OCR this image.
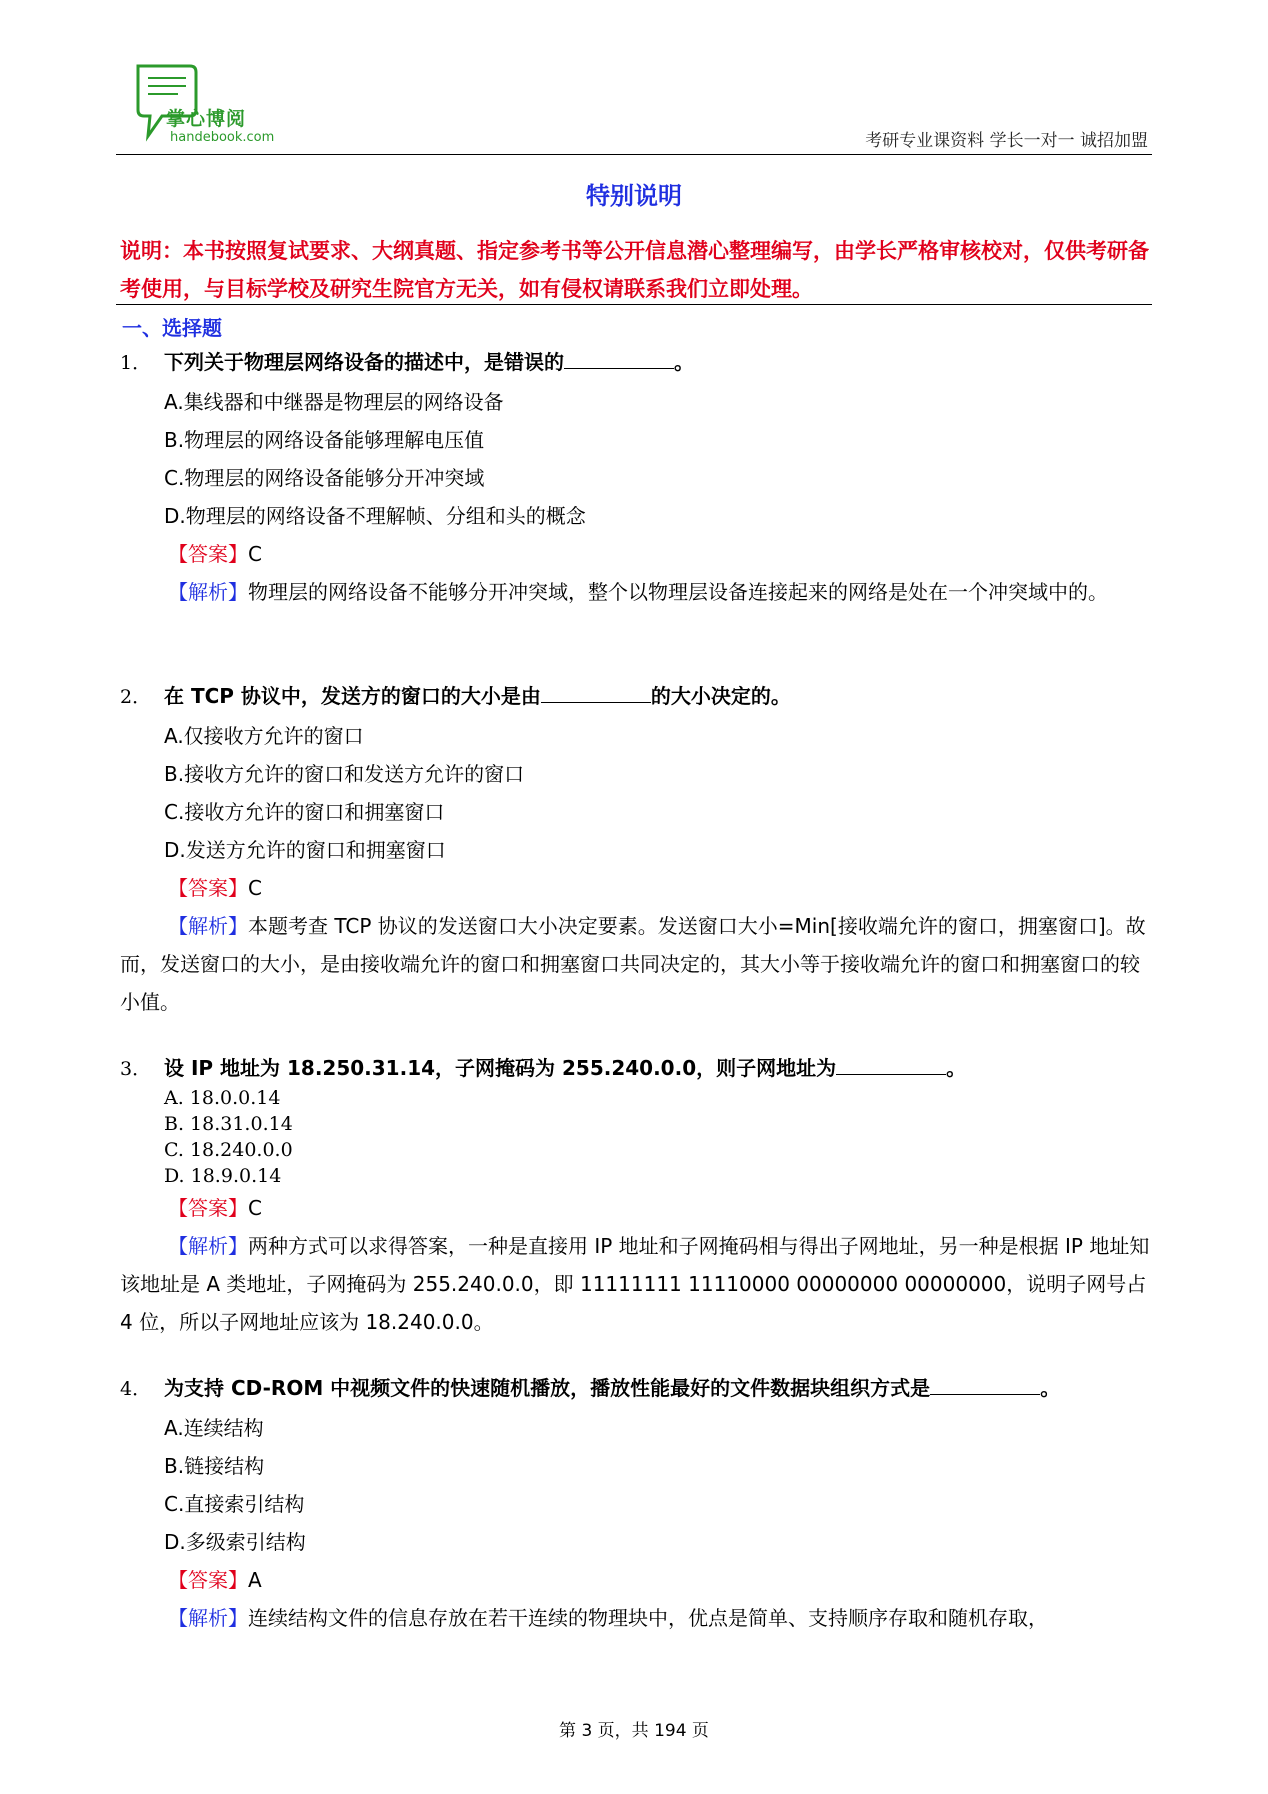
掌心博阅
handebook.com	考研专业课资料 学长一对一 诚招加盟
特别说明
说明：本书按照复试要求、大纲真题、指定参考书等公开信息潜心整理编写，由学长严格审核校对，仅供考研备考使用，与目标学校及研究生院官方无关，如有侵权请联系我们立即处理。
一、选择题
1． 下列关于物理层网络设备的描述中，是错误的	。
A.集线器和中继器是物理层的网络设备
B.物理层的网络设备能够理解电压值
C.物理层的网络设备能够分开冲突域
D.物理层的网络设备不理解帧、分组和头的概念
【答案】C
【解析】物理层的网络设备不能够分开冲突域，整个以物理层设备连接起来的网络是处在一个冲突域中的。
2． 在 TCP 协议中，发送方的窗口的大小是由	的大小决定的。
A.仅接收方允许的窗口
B.接收方允许的窗口和发送方允许的窗口
C.接收方允许的窗口和拥塞窗口
D.发送方允许的窗口和拥塞窗口
【答案】C
【解析】本题考查 TCP 协议的发送窗口大小决定要素。发送窗口大小=Min[接收端允许的窗口，拥塞窗口]。故而，发送窗口的大小，是由接收端允许的窗口和拥塞窗口共同决定的，其大小等于接收端允许的窗口和拥塞窗口的较小值。
3． 设 IP 地址为 18.250.31.14，子网掩码为 255.240.0.0，则子网地址为	。
A. 18.0.0.14
B. 18.31.0.14
C. 18.240.0.0
D. 18.9.0.14
【答案】C
【解析】两种方式可以求得答案，一种是直接用 IP 地址和子网掩码相与得出子网地址，另一种是根据 IP 地址知该地址是 A 类地址，子网掩码为 255.240.0.0，即 11111111 11110000 00000000 00000000，说明子网号占 4 位，所以子网地址应该为 18.240.0.0。
4． 为支持 CD-ROM 中视频文件的快速随机播放，播放性能最好的文件数据块组织方式是	。
A.连续结构
B.链接结构
C.直接索引结构
D.多级索引结构
【答案】A
【解析】连续结构文件的信息存放在若干连续的物理块中，优点是简单、支持顺序存取和随机存取，
第 3 页，共 194 页
